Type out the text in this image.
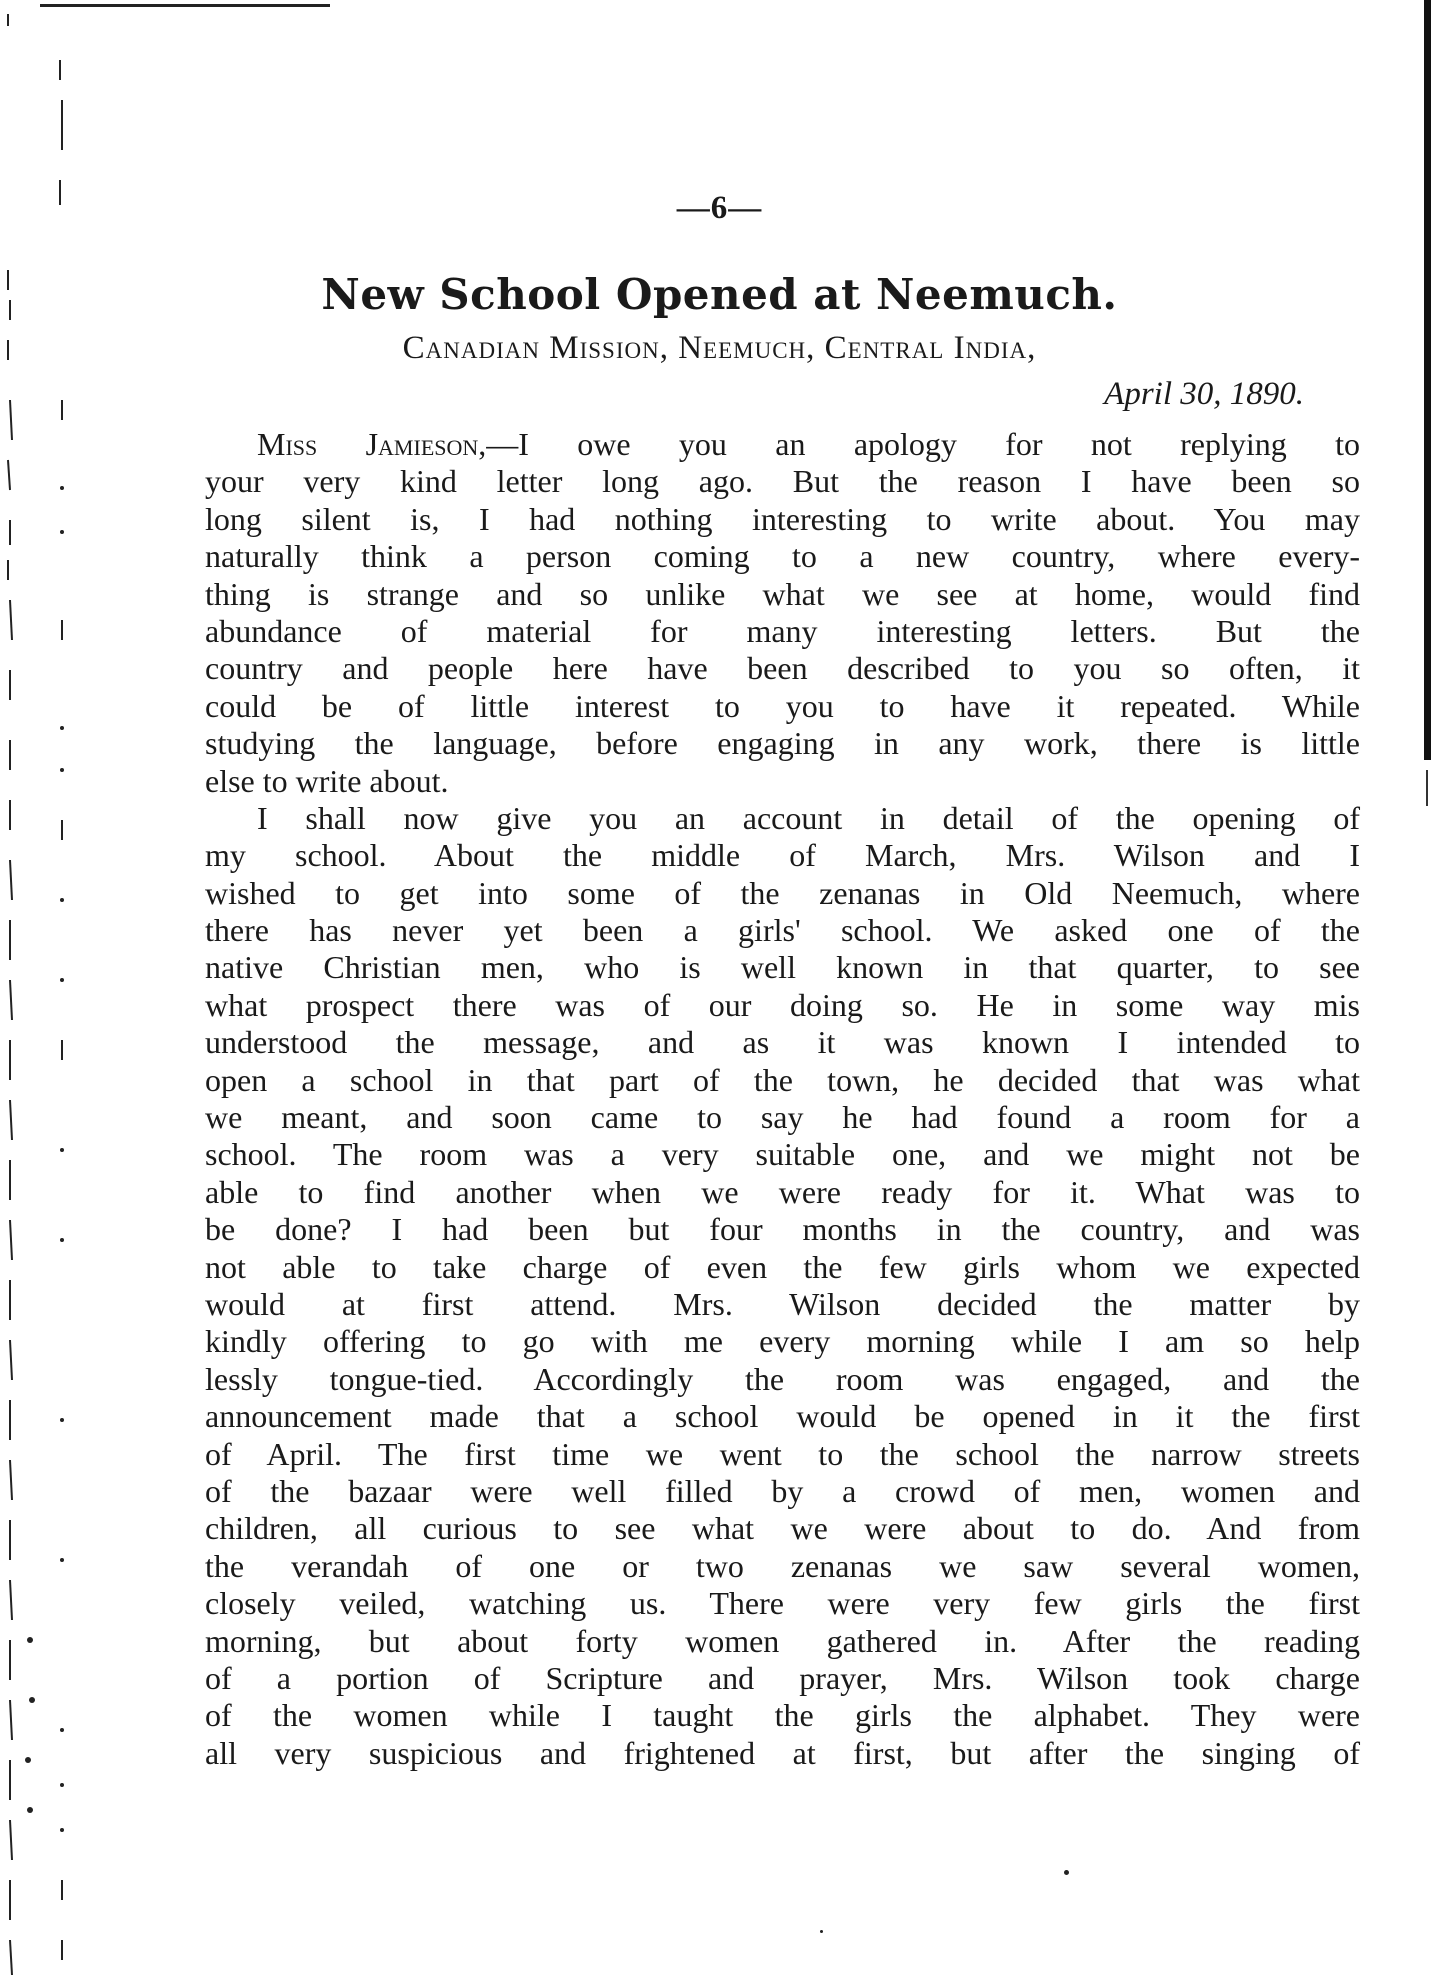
—6—
New School Opened at Neemuch.
Canadian Mission, Neemuch, Central India,
April 30, 1890.
Miss Jamieson,—I owe you an apology for not replying to
your very kind letter long ago. But the reason I have been so
long silent is, I had nothing interesting to write about. You may
naturally think a person coming to a new country, where every-
thing is strange and so unlike what we see at home, would find
abundance of material for many interesting letters. But the
country and people here have been described to you so often, it
could be of little interest to you to have it repeated. While
studying the language, before engaging in any work, there is little
else to write about.
I shall now give you an account in detail of the opening of
my school. About the middle of March, Mrs. Wilson and I
wished to get into some of the zenanas in Old Neemuch, where
there has never yet been a girls' school. We asked one of the
native Christian men, who is well known in that quarter, to see
what prospect there was of our doing so. He in some way mis
understood the message, and as it was known I intended to
open a school in that part of the town, he decided that was what
we meant, and soon came to say he had found a room for a
school. The room was a very suitable one, and we might not be
able to find another when we were ready for it. What was to
be done? I had been but four months in the country, and was
not able to take charge of even the few girls whom we expected
would at first attend. Mrs. Wilson decided the matter by
kindly offering to go with me every morning while I am so help
lessly tongue-tied. Accordingly the room was engaged, and the
announcement made that a school would be opened in it the first
of April. The first time we went to the school the narrow streets
of the bazaar were well filled by a crowd of men, women and
children, all curious to see what we were about to do. And from
the verandah of one or two zenanas we saw several women,
closely veiled, watching us. There were very few girls the first
morning, but about forty women gathered in. After the reading
of a portion of Scripture and prayer, Mrs. Wilson took charge
of the women while I taught the girls the alphabet. They were
all very suspicious and frightened at first, but after the singing of
